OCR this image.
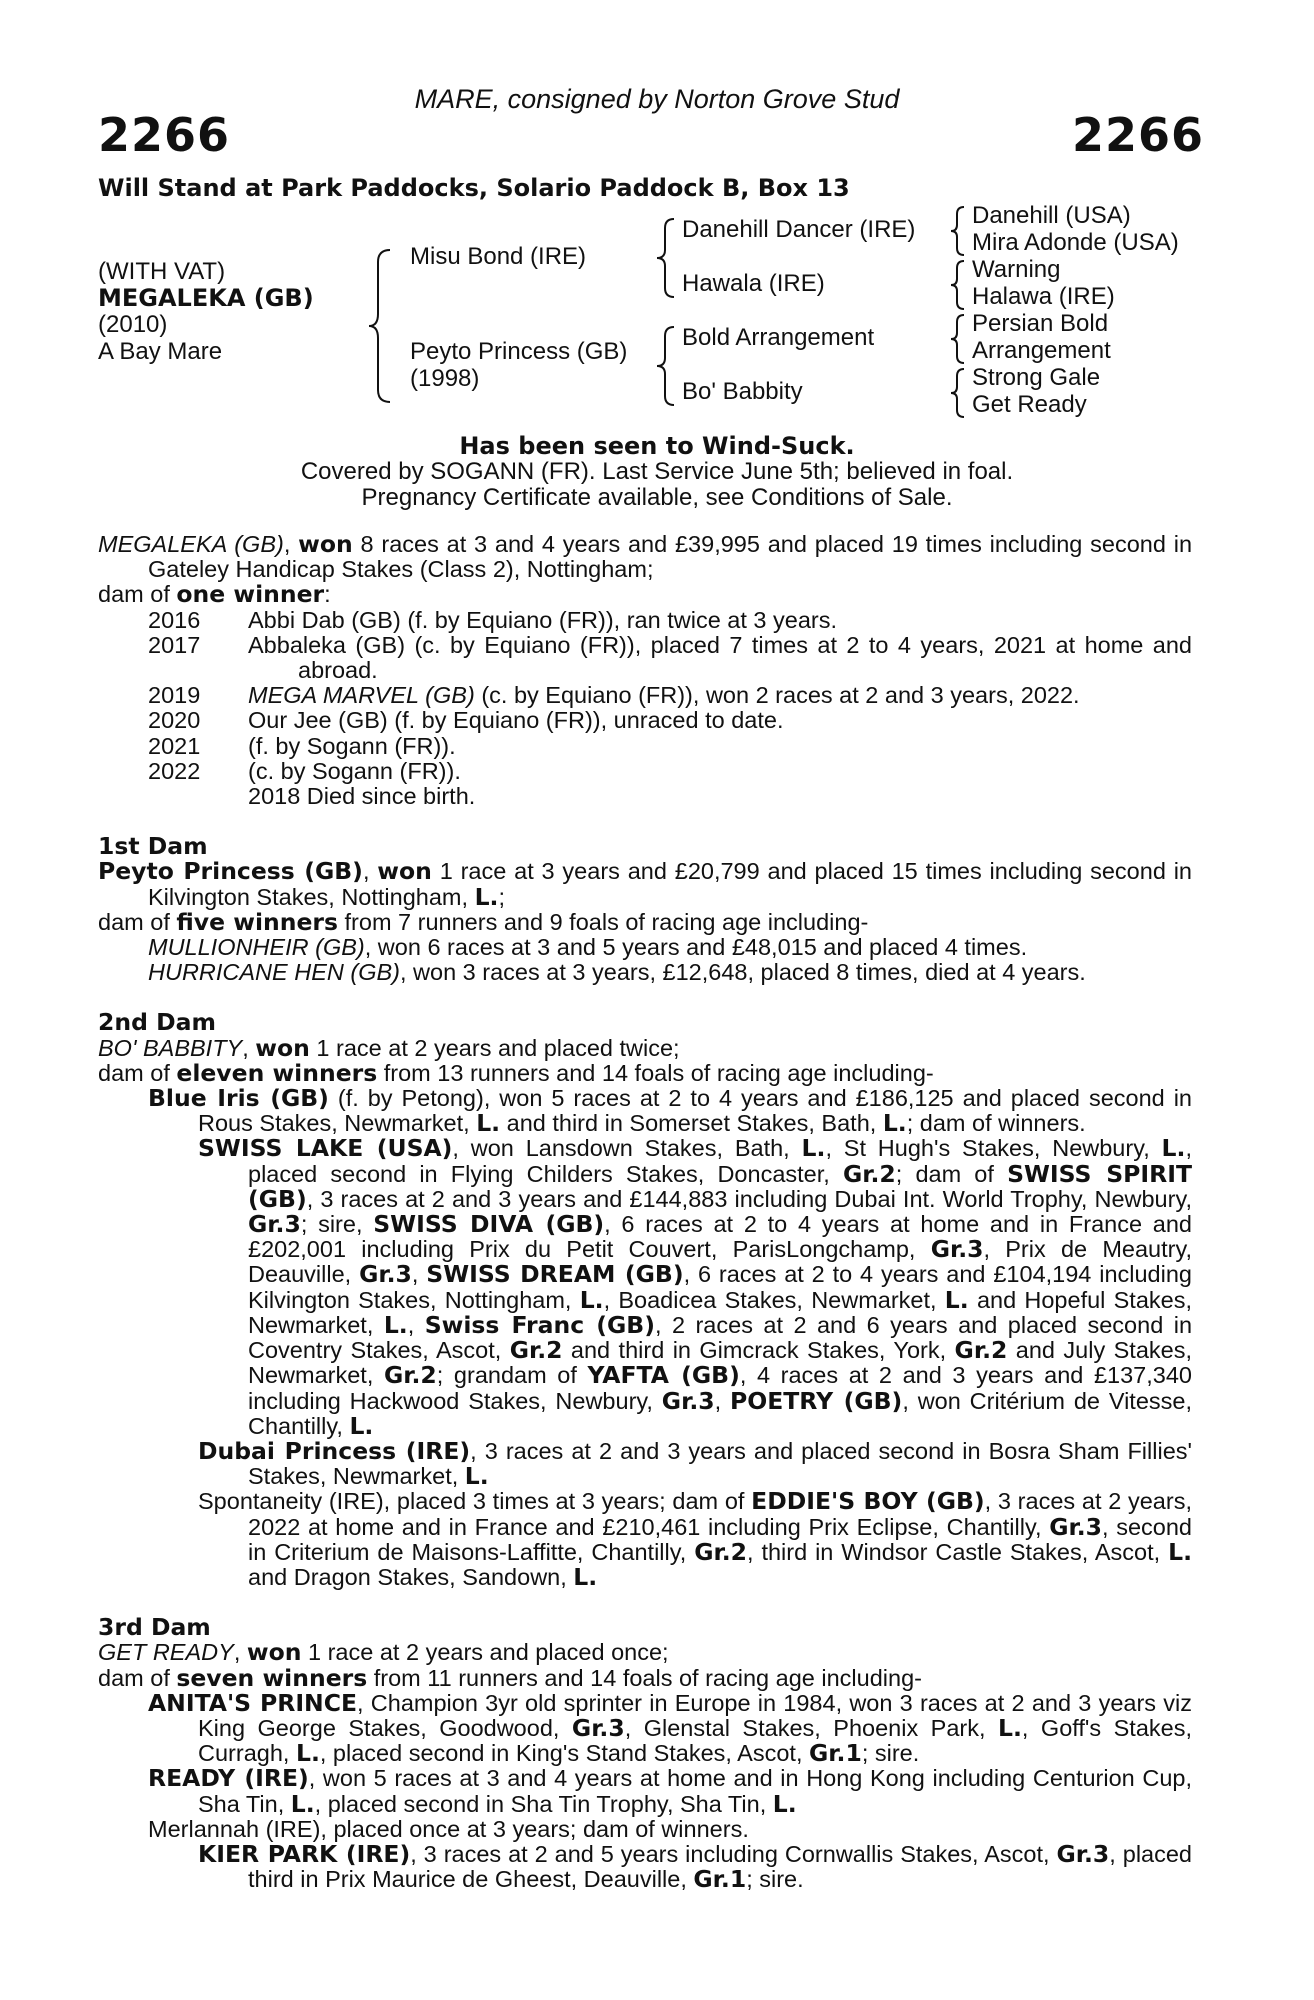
MARE, consigned by Norton Grove Stud
2266	2266
Will Stand at Park Paddocks, Solario Paddock B, Box 13
(WITH VAT)
MEGALEKA (GB)
(2010)
A Bay Mare
Misu Bond (IRE)
Peyto Princess (GB)
(1998)
Danehill Dancer (IRE)
Hawala (IRE)
Bold Arrangement
Bo' Babbity
Danehill (USA)
Mira Adonde (USA)
Warning
Halawa (IRE)
Persian Bold
Arrangement
Strong Gale
Get Ready
Has been seen to Wind-Suck.
Covered by SOGANN (FR). Last Service June 5th; believed in foal.
Pregnancy Certificate available, see Conditions of Sale.
MEGALEKA (GB), won 8 races at 3 and 4 years and £39,995 and placed 19 times including second in Gateley Handicap Stakes (Class 2), Nottingham;
dam of one winner:
2016	Abbi Dab (GB) (f. by Equiano (FR)), ran twice at 3 years.
2017	Abbaleka (GB) (c. by Equiano (FR)), placed 7 times at 2 to 4 years, 2021 at home and abroad.
2019	MEGA MARVEL (GB) (c. by Equiano (FR)), won 2 races at 2 and 3 years, 2022.
2020	Our Jee (GB) (f. by Equiano (FR)), unraced to date.
2021	(f. by Sogann (FR)).
2022	(c. by Sogann (FR)).
2018 Died since birth.
1st Dam
Peyto Princess (GB), won 1 race at 3 years and £20,799 and placed 15 times including second in Kilvington Stakes, Nottingham, L.;
dam of five winners from 7 runners and 9 foals of racing age including-
MULLIONHEIR (GB), won 6 races at 3 and 5 years and £48,015 and placed 4 times.
HURRICANE HEN (GB), won 3 races at 3 years, £12,648, placed 8 times, died at 4 years.
2nd Dam
BO' BABBITY, won 1 race at 2 years and placed twice;
dam of eleven winners from 13 runners and 14 foals of racing age including-
Blue Iris (GB) (f. by Petong), won 5 races at 2 to 4 years and £186,125 and placed second in Rous Stakes, Newmarket, L. and third in Somerset Stakes, Bath, L.; dam of winners.
SWISS LAKE (USA), won Lansdown Stakes, Bath, L., St Hugh's Stakes, Newbury, L., placed second in Flying Childers Stakes, Doncaster, Gr.2; dam of SWISS SPIRIT (GB), 3 races at 2 and 3 years and £144,883 including Dubai Int. World Trophy, Newbury, Gr.3; sire, SWISS DIVA (GB), 6 races at 2 to 4 years at home and in France and £202,001 including Prix du Petit Couvert, ParisLongchamp, Gr.3, Prix de Meautry, Deauville, Gr.3, SWISS DREAM (GB), 6 races at 2 to 4 years and £104,194 including Kilvington Stakes, Nottingham, L., Boadicea Stakes, Newmarket, L. and Hopeful Stakes, Newmarket, L., Swiss Franc (GB), 2 races at 2 and 6 years and placed second in Coventry Stakes, Ascot, Gr.2 and third in Gimcrack Stakes, York, Gr.2 and July Stakes, Newmarket, Gr.2; grandam of YAFTA (GB), 4 races at 2 and 3 years and £137,340 including Hackwood Stakes, Newbury, Gr.3, POETRY (GB), won Critérium de Vitesse, Chantilly, L.
Dubai Princess (IRE), 3 races at 2 and 3 years and placed second in Bosra Sham Fillies' Stakes, Newmarket, L.
Spontaneity (IRE), placed 3 times at 3 years; dam of EDDIE'S BOY (GB), 3 races at 2 years, 2022 at home and in France and £210,461 including Prix Eclipse, Chantilly, Gr.3, second in Criterium de Maisons-Laffitte, Chantilly, Gr.2, third in Windsor Castle Stakes, Ascot, L. and Dragon Stakes, Sandown, L.
3rd Dam
GET READY, won 1 race at 2 years and placed once;
dam of seven winners from 11 runners and 14 foals of racing age including-
ANITA'S PRINCE, Champion 3yr old sprinter in Europe in 1984, won 3 races at 2 and 3 years viz King George Stakes, Goodwood, Gr.3, Glenstal Stakes, Phoenix Park, L., Goff's Stakes, Curragh, L., placed second in King's Stand Stakes, Ascot, Gr.1; sire.
READY (IRE), won 5 races at 3 and 4 years at home and in Hong Kong including Centurion Cup, Sha Tin, L., placed second in Sha Tin Trophy, Sha Tin, L.
Merlannah (IRE), placed once at 3 years; dam of winners.
KIER PARK (IRE), 3 races at 2 and 5 years including Cornwallis Stakes, Ascot, Gr.3, placed third in Prix Maurice de Gheest, Deauville, Gr.1; sire.
